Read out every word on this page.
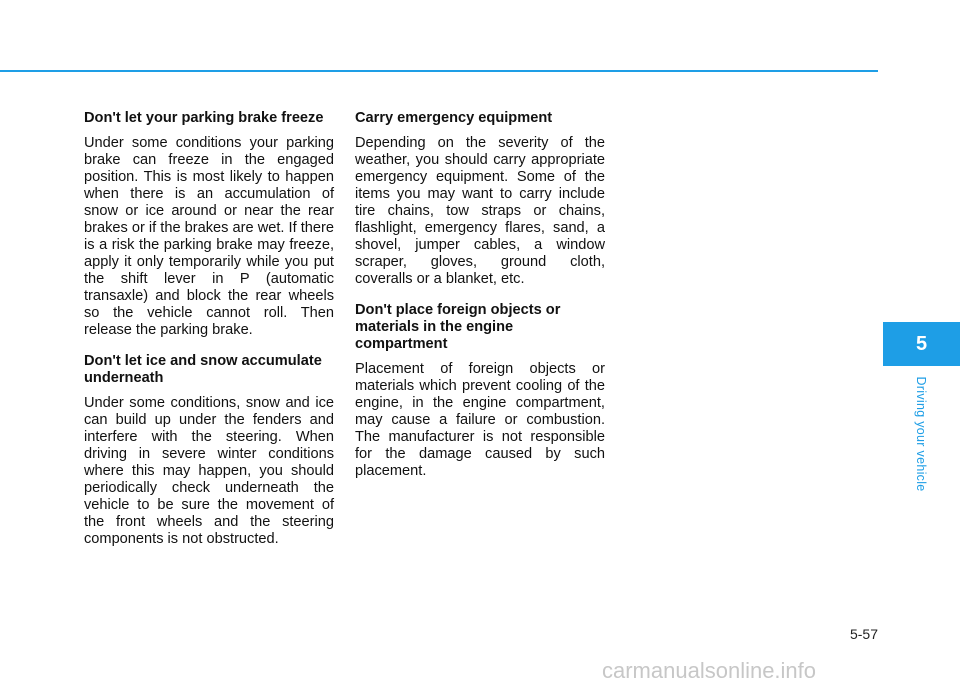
Don't let your parking brake freeze

Under some conditions your parking brake can freeze in the engaged position. This is most likely to happen when there is an accumulation of snow or ice around or near the rear brakes or if the brakes are wet. If there is a risk the parking brake may freeze, apply it only temporarily while you put the shift lever in P (automatic transaxle) and block the rear wheels so the vehicle cannot roll. Then release the parking brake.

Don't let ice and snow accumulate underneath

Under some conditions, snow and ice can build up under the fenders and interfere with the steering. When driving in severe winter conditions where this may happen, you should periodically check underneath the vehicle to be sure the movement of the front wheels and the steering components is not obstructed.

Carry emergency equipment

Depending on the severity of the weather, you should carry appropriate emergency equipment. Some of the items you may want to carry include tire chains, tow straps or chains, flashlight, emergency flares, sand, a shovel, jumper cables, a window scraper, gloves, ground cloth, coveralls or a blanket, etc.

Don't place foreign objects or materials in the engine compartment

Placement of foreign objects or materials which prevent cooling of the engine, in the engine compartment, may cause a failure or combustion. The manufacturer is not responsible for the damage caused by such placement.

5
Driving your vehicle
5-57
carmanualsonline.info
